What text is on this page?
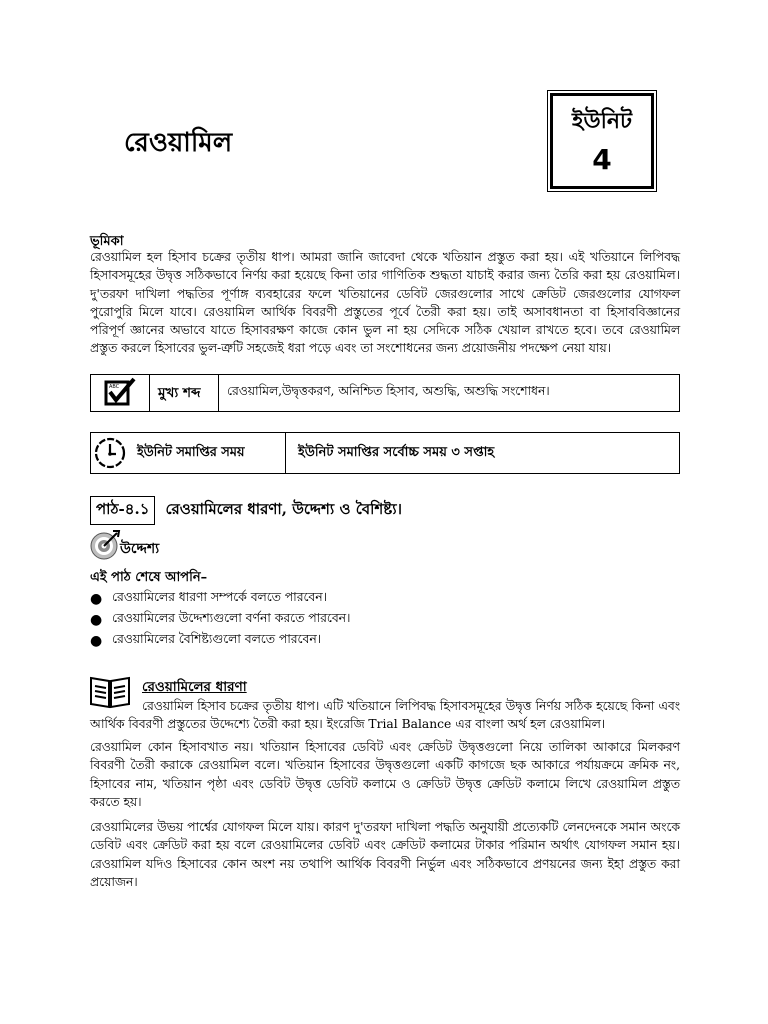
রেওয়ামিল
ইউনিট
4
ভূমিকা

রেওয়ামিল হল হিসাব চক্রের তৃতীয় ধাপ। আমরা জানি জাবেদা থেকে খতিয়ান প্রস্তুত করা হয়। এই খতিয়ানে লিপিবদ্ধ হিসাবসমূহের উদ্বৃত্ত সঠিকভাবে নির্ণয় করা হয়েছে কিনা তার গাণিতিক শুদ্ধতা যাচাই করার জন্য তৈরি করা হয় রেওয়ামিল। দু'তরফা দাখিলা পদ্ধতির পূর্ণাঙ্গ ব্যবহারের ফলে খতিয়ানের ডেবিট জেরগুলোর সাথে ক্রেডিট জেরগুলোর যোগফল পুরোপুরি মিলে যাবে। রেওয়ামিল আর্থিক বিবরণী প্রস্তুতের পূর্বে তৈরী করা হয়। তাই অসাবধানতা বা হিসাববিজ্ঞানের পরিপূর্ণ জ্ঞানের অভাবে যাতে হিসাবরক্ষণ কাজে কোন ভুল না হয় সেদিকে সঠিক খেয়াল রাখতে হবে। তবে রেওয়ামিল প্রস্তুত করলে হিসাবের ভুল-ত্রুটি সহজেই ধরা পড়ে এবং তা সংশোধনের জন্য প্রয়োজনীয় পদক্ষেপ নেয়া যায়।

ABC	মুখ্য শব্দ	রেওয়ামিল,উদ্বৃত্তকরণ, অনিশ্চিত হিসাব, অশুদ্ধি, অশুদ্ধি সংশোধন।
ইউনিট সমাপ্তির সময়	ইউনিট সমাপ্তির সর্বোচ্চ সময় ৩ সপ্তাহ
পাঠ-৪.১	রেওয়ামিলের ধারণা, উদ্দেশ্য ও বৈশিষ্ট্য।
উদ্দেশ্য
এই পাঠ শেষে আপনি–
● রেওয়ামিলের ধারণা সম্পর্কে বলতে পারবেন।
● রেওয়ামিলের উদ্দেশ্যগুলো বর্ণনা করতে পারবেন।
● রেওয়ামিলের বৈশিষ্ট্যগুলো বলতে পারবেন।
রেওয়ামিলের ধারণা

রেওয়ামিল হিসাব চক্রের তৃতীয় ধাপ। এটি খতিয়ানে লিপিবদ্ধ হিসাবসমূহের উদ্বৃত্ত নির্ণয় সঠিক হয়েছে কিনা এবং আর্থিক বিবরণী প্রস্তুতের উদ্দেশ্যে তৈরী করা হয়। ইংরেজি Trial Balance এর বাংলা অর্থ হল রেওয়ামিল।

রেওয়ামিল কোন হিসাবখাত নয়। খতিয়ান হিসাবের ডেবিট এবং ক্রেডিট উদ্বৃত্তগুলো নিয়ে তালিকা আকারে মিলকরণ বিবরণী তৈরী করাকে রেওয়ামিল বলে। খতিয়ান হিসাবের উদ্বৃত্তগুলো একটি কাগজে ছক আকারে পর্যায়ক্রমে ক্রমিক নং, হিসাবের নাম, খতিয়ান পৃষ্ঠা এবং ডেবিট উদ্বৃত্ত ডেবিট কলামে ও ক্রেডিট উদ্বৃত্ত ক্রেডিট কলামে লিখে রেওয়ামিল প্রস্তুত করতে হয়।

রেওয়ামিলের উভয় পার্শ্বের যোগফল মিলে যায়। কারণ দু'তরফা দাখিলা পদ্ধতি অনুযায়ী প্রত্যেকটি লেনদেনকে সমান অংকে ডেবিট এবং ক্রেডিট করা হয় বলে রেওয়ামিলের ডেবিট এবং ক্রেডিট কলামের টাকার পরিমান অর্থাৎ যোগফল সমান হয়। রেওয়ামিল যদিও হিসাবের কোন অংশ নয় তথাপি আর্থিক বিবরণী নির্ভুল এবং সঠিকভাবে প্রণয়নের জন্য ইহা প্রস্তুত করা প্রয়োজন।
